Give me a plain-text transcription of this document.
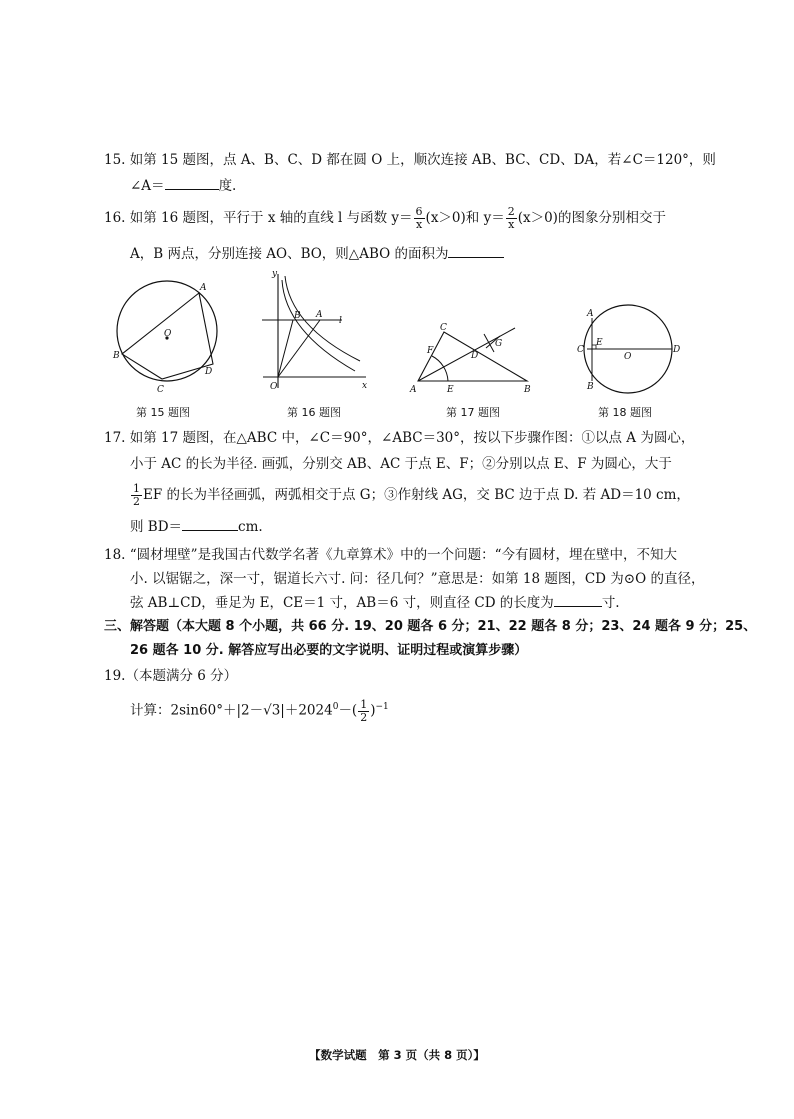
15. 如第 15 题图，点 A、B、C、D 都在圆 O 上，顺次连接 AB、BC、CD、DA，若∠C＝120°，则
∠A＝	度.
16. 如第 16 题图，平行于 x 轴的直线 l 与函数 $y= \frac{6}{x} (x>0)$和 $y= \frac{2}{x} (x>0)$的图象分别相交于
A，B 两点，分别连接 AO、BO，则△ABO 的面积为
A
B
C
D
O
y
x
O
A
B	l
C
A	B
D
E
F
G
A
B
C	D
E
O
第 15 题图	第 16 题图	第 17 题图	第 18 题图
17. 如第 17 题图，在△ABC 中，∠C＝90°，∠ABC＝30°，按以下步骤作图：①以点 A 为圆心，
小于 AC 的长为半径. 画弧，分别交 AB、AC 于点 E、F；②分别以点 E、F 为圆心，大于
$\frac{1}{2}$ EF 的长为半径画弧，两弧相交于点 G；③作射线 AG，交 BC 边于点 D. 若 AD＝10 cm，
则 BD＝	cm.
18. “圆材埋壁”是我国古代数学名著《九章算术》中的一个问题：“今有圆材，埋在壁中，不知大
小. 以锯锯之，深一寸，锯道长六寸. 问：径几何？”意思是：如第 18 题图，CD 为⊙O 的直径，
弦 AB⊥CD，垂足为 E，CE＝1 寸，AB＝6 寸，则直径 CD 的长度为	寸.
三、解答题（本大题 8 个小题，共 66 分. 19、20 题各 6 分；21、22 题各 8 分；23、24 题各 9 分；25、
26 题各 10 分. 解答应写出必要的文字说明、证明过程或演算步骤）
19.（本题满分 6 分）
计算：$2\sin 60^\circ+|2-√3|+2024^0-( \frac{1}{2} )^{-1}$
【数学试题　第 3 页（共 8 页）】
